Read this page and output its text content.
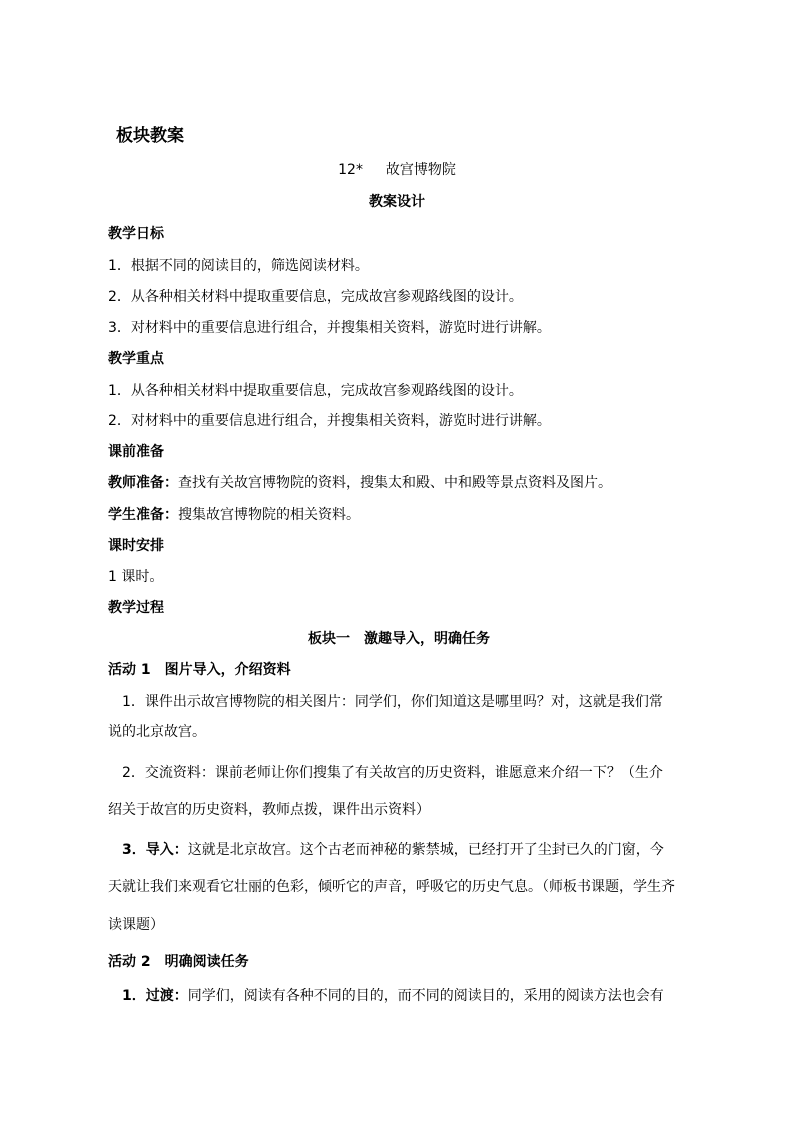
板块教案
12* 故宫博物院
教案设计
教学日标
1．根据不同的阅读目的，筛选阅读材料。
2．从各种相关材料中提取重要信息，完成故宫参观路线图的设计。
3．对材料中的重要信息进行组合，并搜集相关资料，游览时进行讲解。
教学重点
1．从各种相关材料中提取重要信息，完成故宫参观路线图的设计。
2．对材料中的重要信息进行组合，并搜集相关资料，游览时进行讲解。
课前准备
教师准备：查找有关故宫博物院的资料，搜集太和殿、中和殿等景点资料及图片。
学生准备：搜集故宫博物院的相关资料。
课时安排
1 课时。
教学过程
板块一　激趣导入，明确任务
活动 1　图片导入，介绍资料
1．课件出示故宫博物院的相关图片：同学们，你们知道这是哪里吗？对，这就是我们常
说的北京故宫。
2．交流资料：课前老师让你们搜集了有关故宫的历史资料，谁愿意来介绍一下？（生介
绍关于故宫的历史资料，教师点拨，课件出示资料）
3．导入：这就是北京故宫。这个古老而神秘的紫禁城，已经打开了尘封已久的门窗，今
天就让我们来观看它壮丽的色彩，倾听它的声音，呼吸它的历史气息。（师板书课题，学生齐
读课题）
活动 2　明确阅读任务
1．过渡：同学们，阅读有各种不同的目的，而不同的阅读目的，采用的阅读方法也会有
